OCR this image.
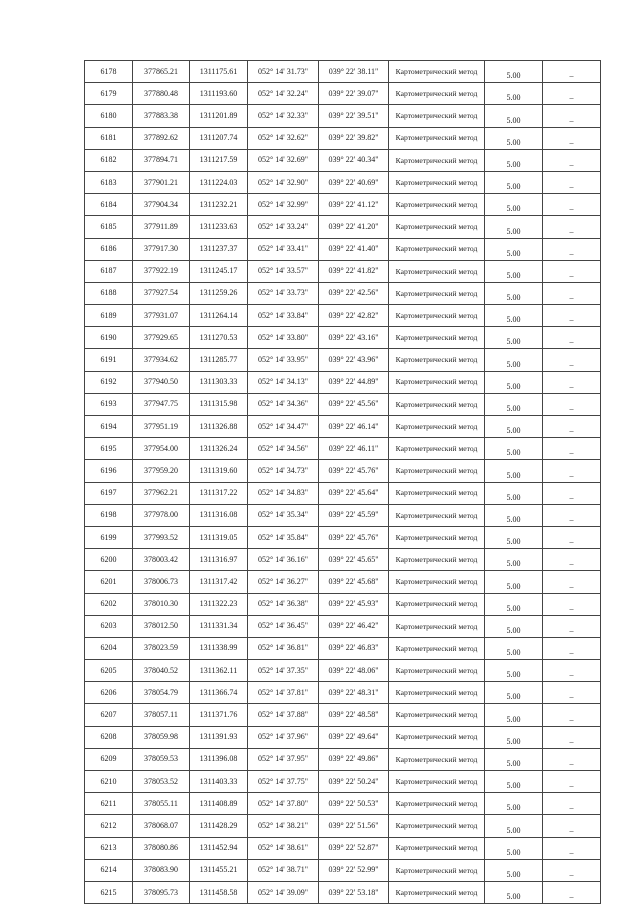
6178	377865.21	1311175.61	052° 14' 31.73"	039° 22' 38.11"	Картометрический метод	5.00	–
6179	377880.48	1311193.60	052° 14' 32.24"	039° 22' 39.07"	Картометрический метод	5.00	–
6180	377883.38	1311201.89	052° 14' 32.33"	039° 22' 39.51"	Картометрический метод	5.00	–
6181	377892.62	1311207.74	052° 14' 32.62"	039° 22' 39.82"	Картометрический метод	5.00	–
6182	377894.71	1311217.59	052° 14' 32.69"	039° 22' 40.34"	Картометрический метод	5.00	–
6183	377901.21	1311224.03	052° 14' 32.90"	039° 22' 40.69"	Картометрический метод	5.00	–
6184	377904.34	1311232.21	052° 14' 32.99"	039° 22' 41.12"	Картометрический метод	5.00	–
6185	377911.89	1311233.63	052° 14' 33.24"	039° 22' 41.20"	Картометрический метод	5.00	–
6186	377917.30	1311237.37	052° 14' 33.41"	039° 22' 41.40"	Картометрический метод	5.00	–
6187	377922.19	1311245.17	052° 14' 33.57"	039° 22' 41.82"	Картометрический метод	5.00	–
6188	377927.54	1311259.26	052° 14' 33.73"	039° 22' 42.56"	Картометрический метод	5.00	–
6189	377931.07	1311264.14	052° 14' 33.84"	039° 22' 42.82"	Картометрический метод	5.00	–
6190	377929.65	1311270.53	052° 14' 33.80"	039° 22' 43.16"	Картометрический метод	5.00	–
6191	377934.62	1311285.77	052° 14' 33.95"	039° 22' 43.96"	Картометрический метод	5.00	–
6192	377940.50	1311303.33	052° 14' 34.13"	039° 22' 44.89"	Картометрический метод	5.00	–
6193	377947.75	1311315.98	052° 14' 34.36"	039° 22' 45.56"	Картометрический метод	5.00	–
6194	377951.19	1311326.88	052° 14' 34.47"	039° 22' 46.14"	Картометрический метод	5.00	–
6195	377954.00	1311326.24	052° 14' 34.56"	039° 22' 46.11"	Картометрический метод	5.00	–
6196	377959.20	1311319.60	052° 14' 34.73"	039° 22' 45.76"	Картометрический метод	5.00	–
6197	377962.21	1311317.22	052° 14' 34.83"	039° 22' 45.64"	Картометрический метод	5.00	–
6198	377978.00	1311316.08	052° 14' 35.34"	039° 22' 45.59"	Картометрический метод	5.00	–
6199	377993.52	1311319.05	052° 14' 35.84"	039° 22' 45.76"	Картометрический метод	5.00	–
6200	378003.42	1311316.97	052° 14' 36.16"	039° 22' 45.65"	Картометрический метод	5.00	–
6201	378006.73	1311317.42	052° 14' 36.27"	039° 22' 45.68"	Картометрический метод	5.00	–
6202	378010.30	1311322.23	052° 14' 36.38"	039° 22' 45.93"	Картометрический метод	5.00	–
6203	378012.50	1311331.34	052° 14' 36.45"	039° 22' 46.42"	Картометрический метод	5.00	–
6204	378023.59	1311338.99	052° 14' 36.81"	039° 22' 46.83"	Картометрический метод	5.00	–
6205	378040.52	1311362.11	052° 14' 37.35"	039° 22' 48.06"	Картометрический метод	5.00	–
6206	378054.79	1311366.74	052° 14' 37.81"	039° 22' 48.31"	Картометрический метод	5.00	–
6207	378057.11	1311371.76	052° 14' 37.88"	039° 22' 48.58"	Картометрический метод	5.00	–
6208	378059.98	1311391.93	052° 14' 37.96"	039° 22' 49.64"	Картометрический метод	5.00	–
6209	378059.53	1311396.08	052° 14' 37.95"	039° 22' 49.86"	Картометрический метод	5.00	–
6210	378053.52	1311403.33	052° 14' 37.75"	039° 22' 50.24"	Картометрический метод	5.00	–
6211	378055.11	1311408.89	052° 14' 37.80"	039° 22' 50.53"	Картометрический метод	5.00	–
6212	378068.07	1311428.29	052° 14' 38.21"	039° 22' 51.56"	Картометрический метод	5.00	–
6213	378080.86	1311452.94	052° 14' 38.61"	039° 22' 52.87"	Картометрический метод	5.00	–
6214	378083.90	1311455.21	052° 14' 38.71"	039° 22' 52.99"	Картометрический метод	5.00	–
6215	378095.73	1311458.58	052° 14' 39.09"	039° 22' 53.18"	Картометрический метод	5.00	–
